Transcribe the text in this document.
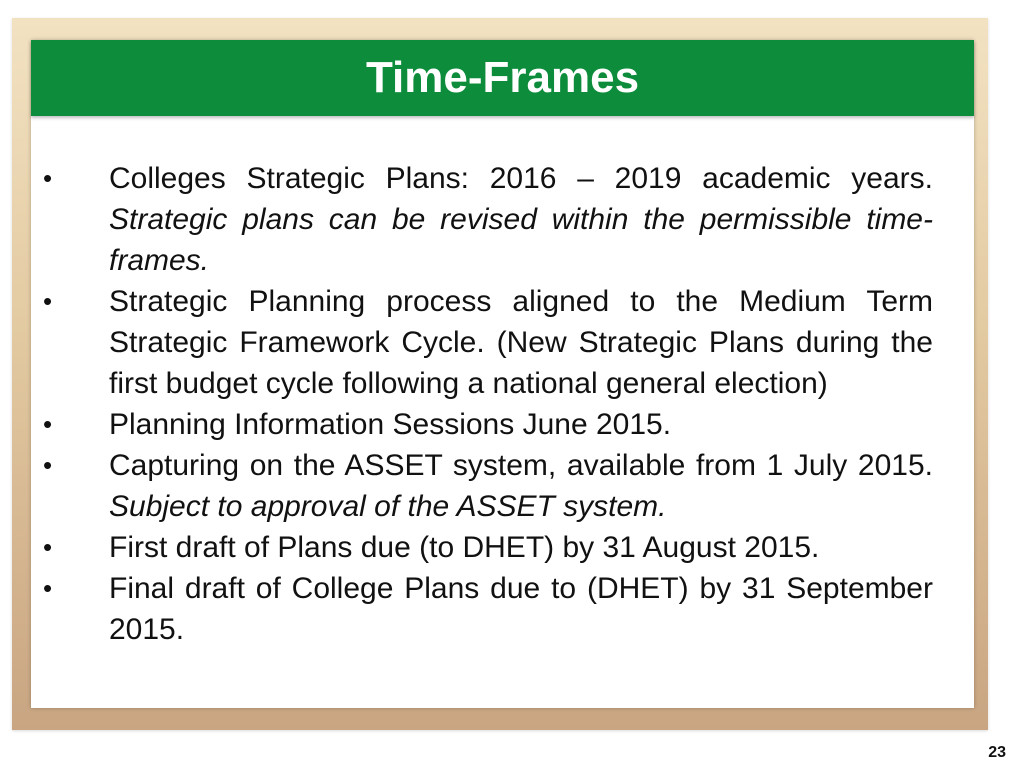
Time-Frames
•	Colleges Strategic Plans: 2016 – 2019 academic years. Strategic plans can be revised within the permissible time-frames.
•	Strategic Planning process aligned to the Medium Term Strategic Framework Cycle. (New Strategic Plans during the first budget cycle following a national general election)
•	Planning Information Sessions June 2015.
•	Capturing on the ASSET system, available from 1 July 2015. Subject to approval of the ASSET system.
•	First draft of Plans due (to DHET) by 31 August 2015.
•	Final draft of College Plans due to (DHET) by 31 September 2015.
23
